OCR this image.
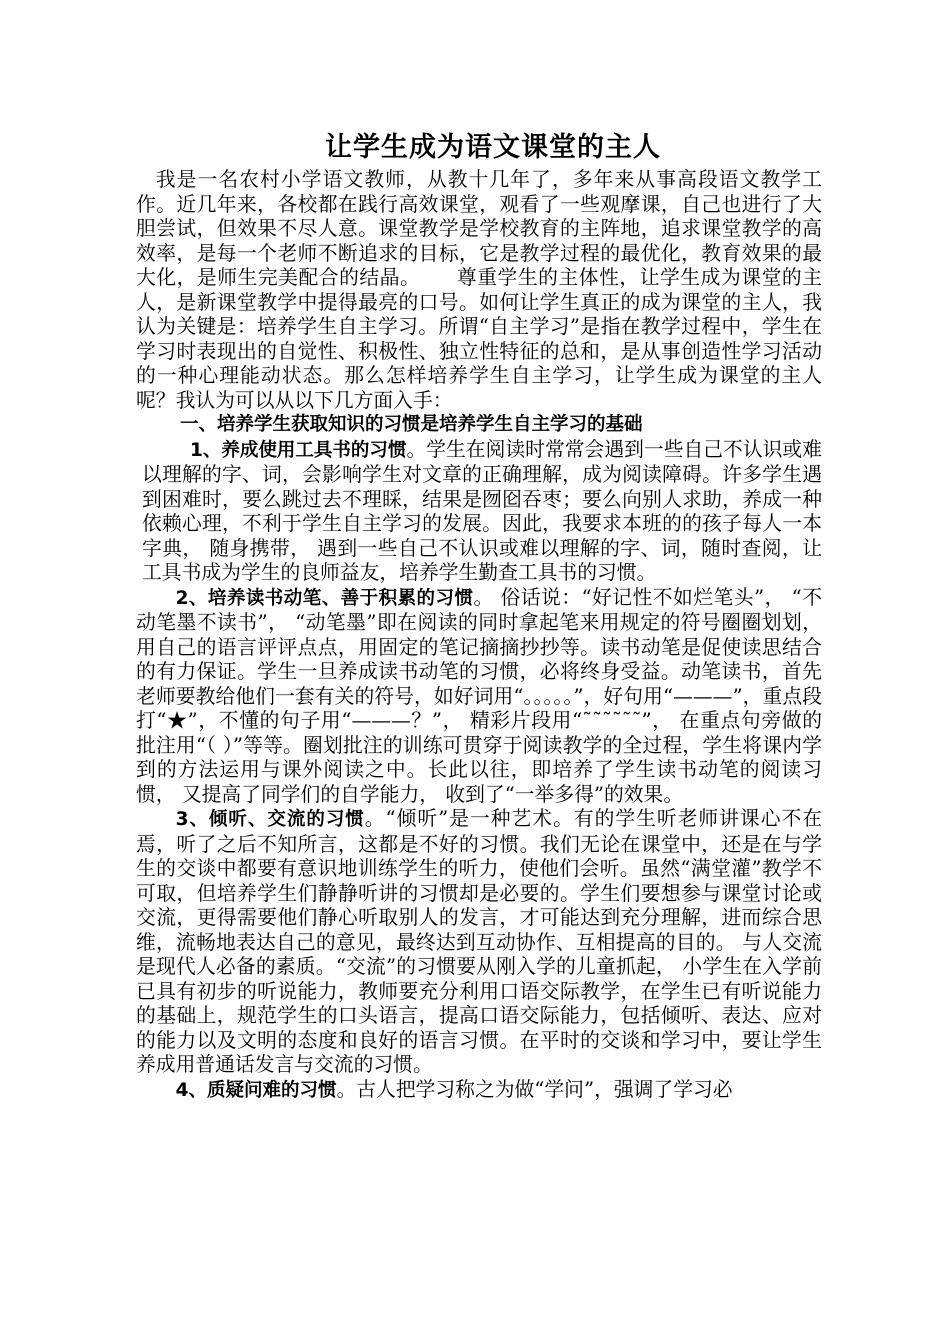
让学生成为语文课堂的主人

我是一名农村小学语文教师，从教十几年了，多年来从事高段语文教学工作。近几年来，各校都在践行高效课堂，观看了一些观摩课，自己也进行了大胆尝试，但效果不尽人意。课堂教学是学校教育的主阵地，追求课堂教学的高效率，是每一个老师不断追求的目标，它是教学过程的最优化，教育效果的最大化，是师生完美配合的结晶。 尊重学生的主体性，让学生成为课堂的主人，是新课堂教学中提得最亮的口号。如何让学生真正的成为课堂的主人，我认为关键是：培养学生自主学习。所谓“自主学习”是指在教学过程中，学生在学习时表现出的自觉性、积极性、独立性特征的总和，是从事创造性学习活动的一种心理能动状态。那么怎样培养学生自主学习，让学生成为课堂的主人呢？我认为可以从以下几方面入手：

一、培养学生获取知识的习惯是培养学生自主学习的基础

1、养成使用工具书的习惯。学生在阅读时常常会遇到一些自己不认识或难以理解的字、词，会影响学生对文章的正确理解，成为阅读障碍。许多学生遇到困难时，要么跳过去不理睬，结果是囫囵吞枣；要么向别人求助，养成一种依赖心理，不利于学生自主学习的发展。因此，我要求本班的的孩子每人一本字典， 随身携带， 遇到一些自己不认识或难以理解的字、词，随时查阅，让工具书成为学生的良师益友，培养学生勤查工具书的习惯。

2、培养读书动笔、善于积累的习惯。 俗话说：“好记性不如烂笔头”， “不动笔墨不读书”， “动笔墨”即在阅读的同时拿起笔来用规定的符号圈圈划划，用自己的语言评评点点，用固定的笔记摘摘抄抄等。读书动笔是促使读思结合的有力保证。学生一旦养成读书动笔的习惯，必将终身受益。动笔读书，首先老师要教给他们一套有关的符号，如好词用“。。。。。”，好句用“———”，重点段打“★”，不懂的句子用“———？”， 精彩片段用“˜˜˜˜˜˜”， 在重点句旁做的批注用“（ ）”等等。圈划批注的训练可贯穿于阅读教学的全过程，学生将课内学到的方法运用与课外阅读之中。长此以往，即培养了学生读书动笔的阅读习惯， 又提高了同学们的自学能力， 收到了“一举多得”的效果。

3、倾听、交流的习惯。“倾听”是一种艺术。有的学生听老师讲课心不在焉，听了之后不知所言，这都是不好的习惯。我们无论在课堂中，还是在与学生的交谈中都要有意识地训练学生的听力，使他们会听。虽然“满堂灌”教学不可取，但培养学生们静静听讲的习惯却是必要的。学生们要想参与课堂讨论或交流，更得需要他们静心听取别人的发言，才可能达到充分理解，进而综合思维，流畅地表达自己的意见，最终达到互动协作、互相提高的目的。 与人交流是现代人必备的素质。“交流”的习惯要从刚入学的儿童抓起， 小学生在入学前已具有初步的听说能力，教师要充分利用口语交际教学，在学生已有听说能力的基础上，规范学生的口头语言，提高口语交际能力，包括倾听、表达、应对的能力以及文明的态度和良好的语言习惯。在平时的交谈和学习中，要让学生养成用普通话发言与交流的习惯。

4、质疑问难的习惯。古人把学习称之为做“学问”，强调了学习必
